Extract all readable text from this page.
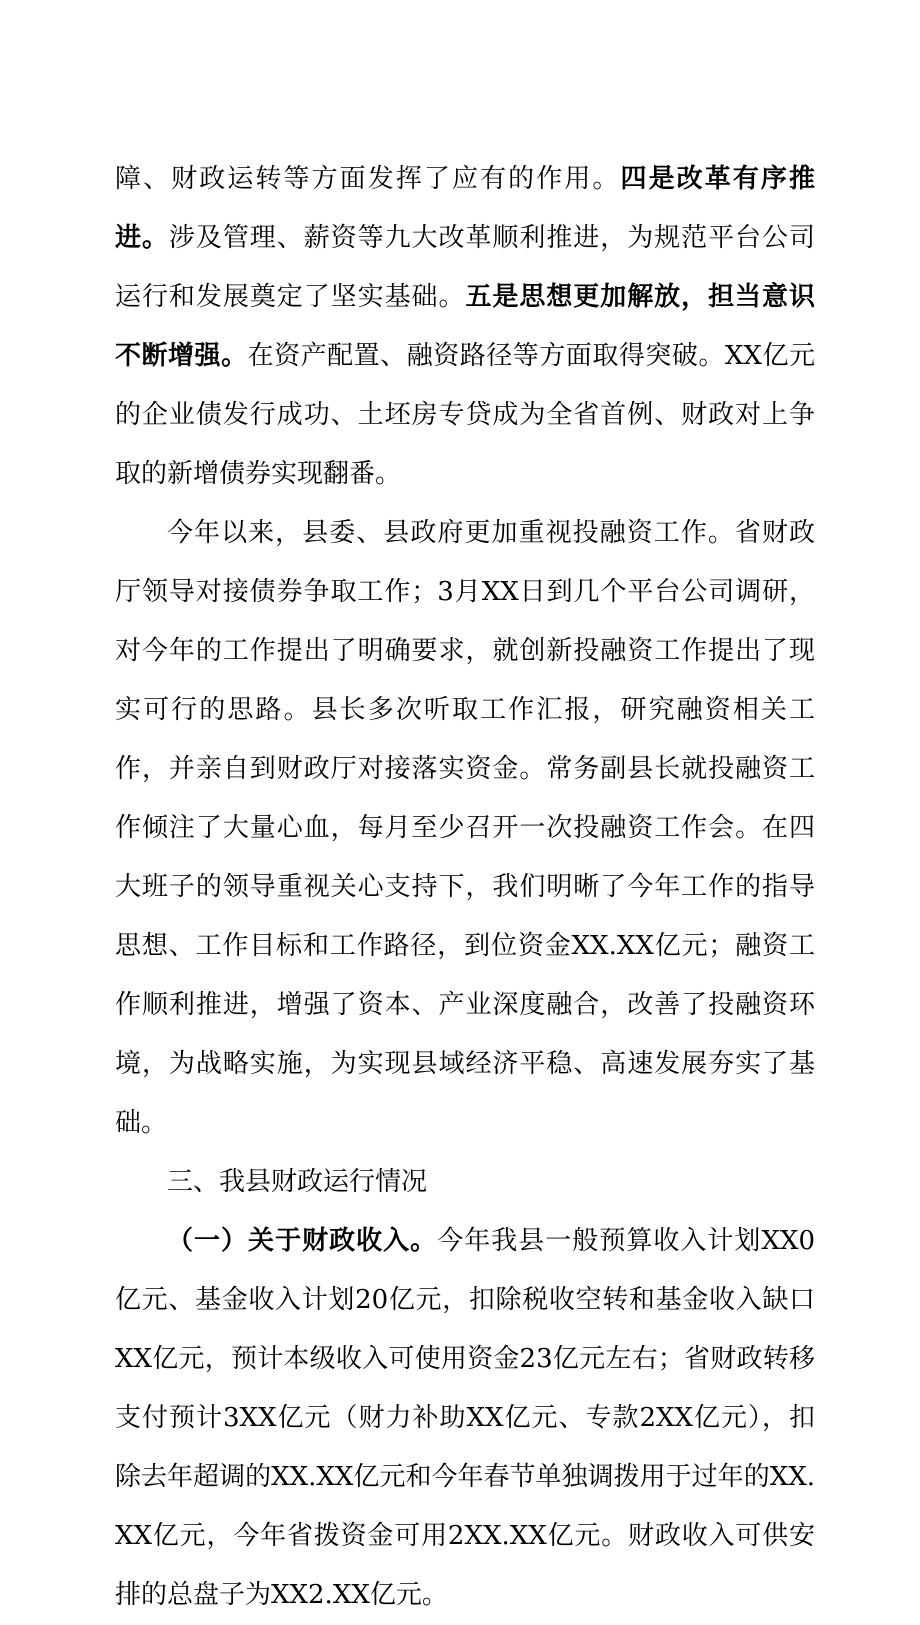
障、财政运转等方面发挥了应有的作用。四是改革有序推进。涉及管理、薪资等九大改革顺利推进，为规范平台公司运行和发展奠定了坚实基础。五是思想更加解放，担当意识不断增强。在资产配置、融资路径等方面取得突破。XX亿元的企业债发行成功、土坯房专贷成为全省首例、财政对上争取的新增债券实现翻番。

今年以来，县委、县政府更加重视投融资工作。省财政厅领导对接债券争取工作；3月XX日到几个平台公司调研，对今年的工作提出了明确要求，就创新投融资工作提出了现实可行的思路。县长多次听取工作汇报，研究融资相关工作，并亲自到财政厅对接落实资金。常务副县长就投融资工作倾注了大量心血，每月至少召开一次投融资工作会。在四大班子的领导重视关心支持下，我们明晰了今年工作的指导思想、工作目标和工作路径，到位资金XX.XX亿元；融资工作顺利推进，增强了资本、产业深度融合，改善了投融资环境，为战略实施，为实现县域经济平稳、高速发展夯实了基础。

三、我县财政运行情况

（一）关于财政收入。今年我县一般预算收入计划XX0亿元、基金收入计划20亿元，扣除税收空转和基金收入缺口XX亿元，预计本级收入可使用资金23亿元左右；省财政转移支付预计3XX亿元（财力补助XX亿元、专款2XX亿元），扣除去年超调的XX.XX亿元和今年春节单独调拨用于过年的XX.XX亿元，今年省拨资金可用2XX.XX亿元。财政收入可供安排的总盘子为XX2.XX亿元。
